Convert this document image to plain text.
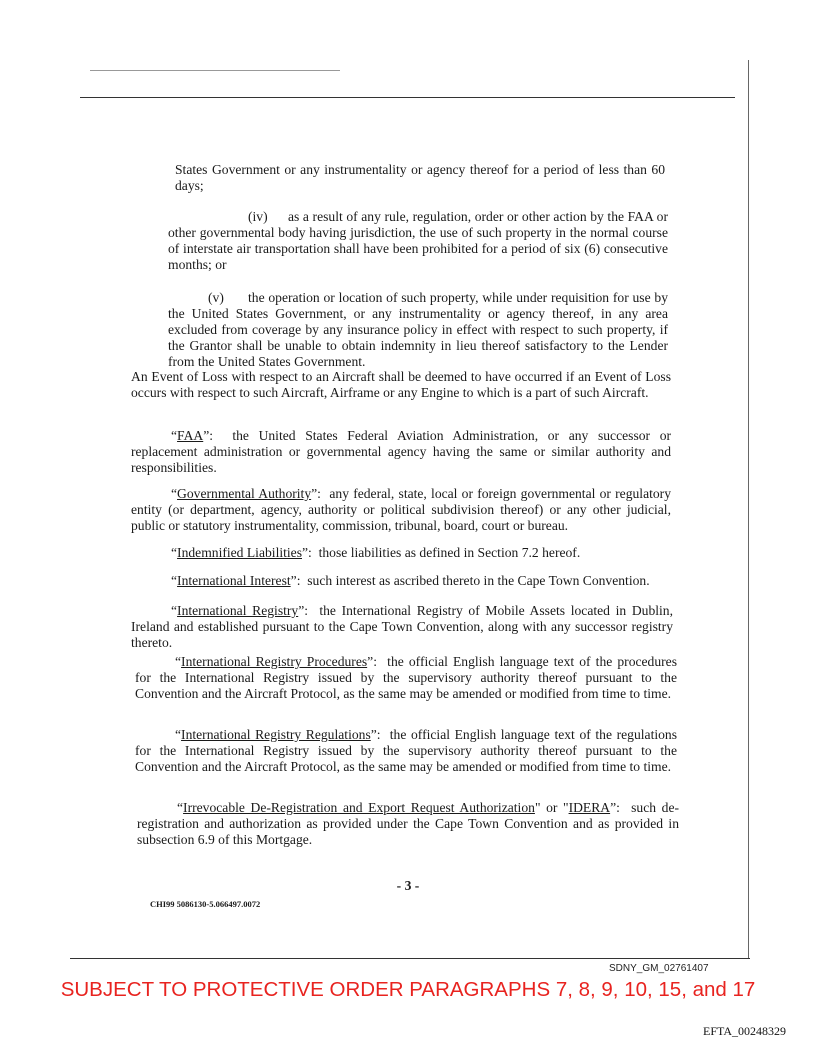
States Government or any instrumentality or agency thereof for a period of less than 60 days;

(iv) as a result of any rule, regulation, order or other action by the FAA or other governmental body having jurisdiction, the use of such property in the normal course of interstate air transportation shall have been prohibited for a period of six (6) consecutive months; or

(v) the operation or location of such property, while under requisition for use by the United States Government, or any instrumentality or agency thereof, in any area excluded from coverage by any insurance policy in effect with respect to such property, if the Grantor shall be unable to obtain indemnity in lieu thereof satisfactory to the Lender from the United States Government.

An Event of Loss with respect to an Aircraft shall be deemed to have occurred if an Event of Loss occurs with respect to such Aircraft, Airframe or any Engine to which is a part of such Aircraft.

“FAA”:  the United States Federal Aviation Administration, or any successor or replacement administration or governmental agency having the same or similar authority and responsibilities.

“Governmental Authority”:  any federal, state, local or foreign governmental or regulatory entity (or department, agency, authority or political subdivision thereof) or any other judicial, public or statutory instrumentality, commission, tribunal, board, court or bureau.

“Indemnified Liabilities”:  those liabilities as defined in Section 7.2 hereof.

“International Interest”:  such interest as ascribed thereto in the Cape Town Convention.

“International Registry”:  the International Registry of Mobile Assets located in Dublin, Ireland and established pursuant to the Cape Town Convention, along with any successor registry thereto.

“International Registry Procedures”:  the official English language text of the procedures for the International Registry issued by the supervisory authority thereof pursuant to the Convention and the Aircraft Protocol, as the same may be amended or modified from time to time.

“International Registry Regulations”:  the official English language text of the regulations for the International Registry issued by the supervisory authority thereof pursuant to the Convention and the Aircraft Protocol, as the same may be amended or modified from time to time.

“Irrevocable De-Registration and Export Request Authorization" or "IDERA”:  such de-registration and authorization as provided under the Cape Town Convention and as provided in subsection 6.9 of this Mortgage.

- 3 -
CHI99 5086130-5.066497.0072
SDNY_GM_02761407
SUBJECT TO PROTECTIVE ORDER PARAGRAPHS 7, 8, 9, 10, 15, and 17
EFTA_00248329
